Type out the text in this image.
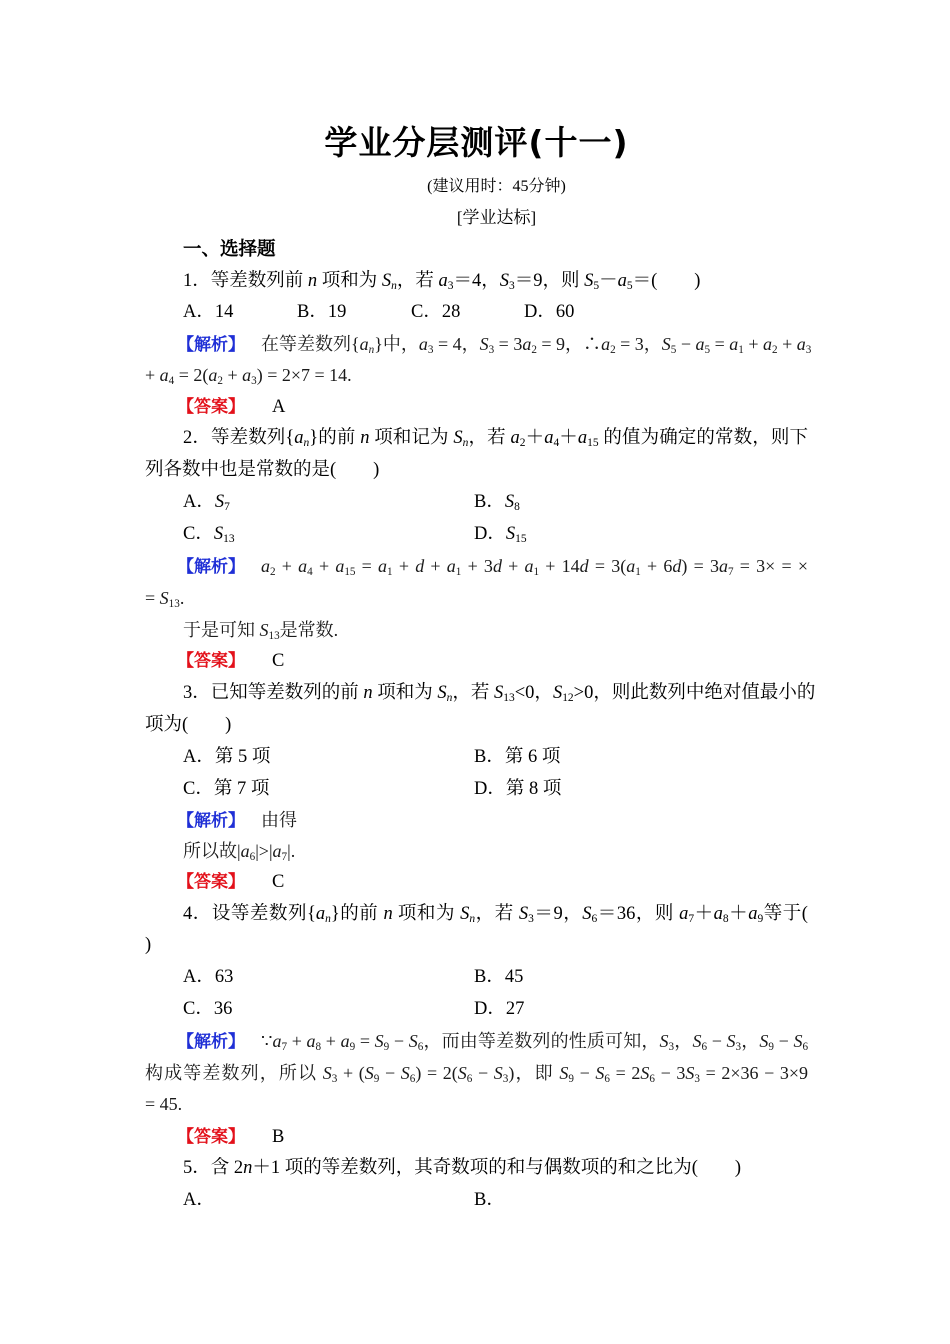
学业分层测评(十一)
(建议用时：45分钟)
[学业达标]
一、选择题
1．等差数列前 n 项和为 Sn，若 a3＝4，S3＝9，则 S5－a5＝(　　)
A．14	B．19	C．28	D．60
【解析】 在等差数列{an}中，a3 = 4，S3 = 3a2 = 9，∴a2 = 3，S5 − a5 = a1 + a2 + a3
+ a4 = 2(a2 + a3) = 2×7 = 14.
【答案】 A
2．等差数列{an}的前 n 项和记为 Sn，若 a2＋a4＋a15 的值为确定的常数，则下
列各数中也是常数的是(　　)
A．S7	B．S8
C．S13	D．S15
【解析】 a2 + a4 + a15 = a1 + d + a1 + 3d + a1 + 14d = 3(a1 + 6d) = 3a7 = 3× = ×
= S13.
于是可知 S13是常数.
【答案】 C
3．已知等差数列的前 n 项和为 Sn，若 S13<0，S12>0，则此数列中绝对值最小的
项为(　　)
A．第 5 项	B．第 6 项
C．第 7 项	D．第 8 项
【解析】 由得
所以故|a6|>|a7|.
【答案】 C
4．设等差数列{an}的前 n 项和为 Sn，若 S3＝9，S6＝36，则 a7＋a8＋a9等于(
)
A．63	B．45
C．36	D．27
【解析】 ∵a7 + a8 + a9 = S9 − S6，而由等差数列的性质可知，S3，S6 − S3，S9 − S6
构成等差数列，所以 S3 + (S9 − S6) = 2(S6 − S3)，即 S9 − S6 = 2S6 − 3S3 = 2×36 − 3×9
= 45.
【答案】 B
5．含 2n＋1 项的等差数列，其奇数项的和与偶数项的和之比为(　　)
A．	B．
